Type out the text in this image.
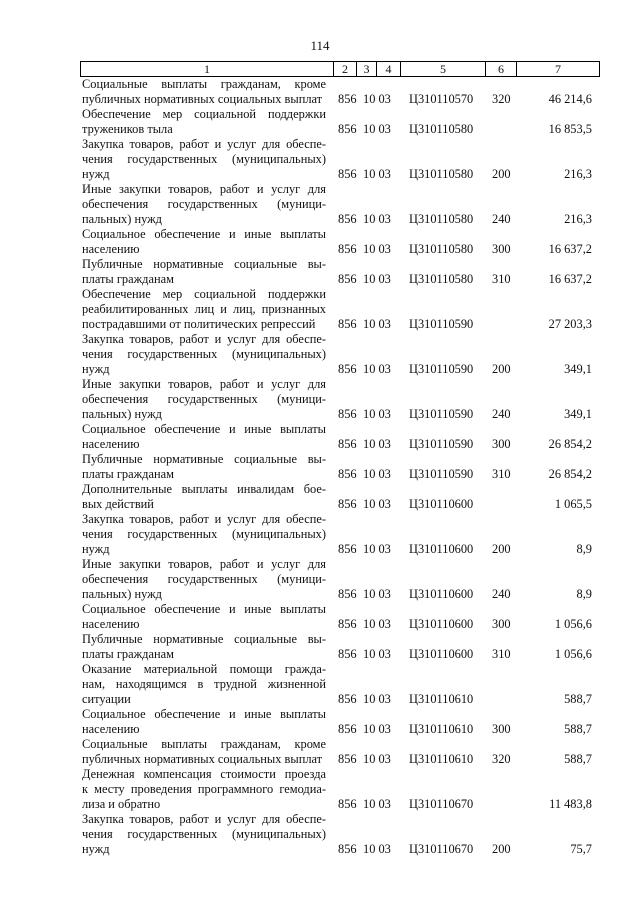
114
1	2	3	4	5	6	7
Социальные выплаты гражданам, кроме
публичных нормативных социальных выплат	856 10 03 Ц310110570 320	46 214,6
Обеспечение мер социальной поддержки
тружеников тыла	856 10 03 Ц310110580	16 853,5
Закупка товаров, работ и услуг для обеспе-
чения государственных (муниципальных)
нужд	856 10 03 Ц310110580 200	216,3
Иные закупки товаров, работ и услуг для
обеспечения государственных (муници-
пальных) нужд	856 10 03 Ц310110580 240	216,3
Социальное обеспечение и иные выплаты
населению	856 10 03 Ц310110580 300	16 637,2
Публичные нормативные социальные вы-
платы гражданам	856 10 03 Ц310110580 310	16 637,2
Обеспечение мер социальной поддержки
реабилитированных лиц и лиц, признанных
пострадавшими от политических репрессий	856 10 03 Ц310110590	27 203,3
Закупка товаров, работ и услуг для обеспе-
чения государственных (муниципальных)
нужд	856 10 03 Ц310110590 200	349,1
Иные закупки товаров, работ и услуг для
обеспечения государственных (муници-
пальных) нужд	856 10 03 Ц310110590 240	349,1
Социальное обеспечение и иные выплаты
населению	856 10 03 Ц310110590 300	26 854,2
Публичные нормативные социальные вы-
платы гражданам	856 10 03 Ц310110590 310	26 854,2
Дополнительные выплаты инвалидам бое-
вых действий	856 10 03 Ц310110600	1 065,5
Закупка товаров, работ и услуг для обеспе-
чения государственных (муниципальных)
нужд	856 10 03 Ц310110600 200	8,9
Иные закупки товаров, работ и услуг для
обеспечения государственных (муници-
пальных) нужд	856 10 03 Ц310110600 240	8,9
Социальное обеспечение и иные выплаты
населению	856 10 03 Ц310110600 300	1 056,6
Публичные нормативные социальные вы-
платы гражданам	856 10 03 Ц310110600 310	1 056,6
Оказание материальной помощи гражда-
нам, находящимся в трудной жизненной
ситуации	856 10 03 Ц310110610	588,7
Социальное обеспечение и иные выплаты
населению	856 10 03 Ц310110610 300	588,7
Социальные выплаты гражданам, кроме
публичных нормативных социальных выплат	856 10 03 Ц310110610 320	588,7
Денежная компенсация стоимости проезда
к месту проведения программного гемодиа-
лиза и обратно	856 10 03 Ц310110670	11 483,8
Закупка товаров, работ и услуг для обеспе-
чения государственных (муниципальных)
нужд	856 10 03 Ц310110670 200	75,7
